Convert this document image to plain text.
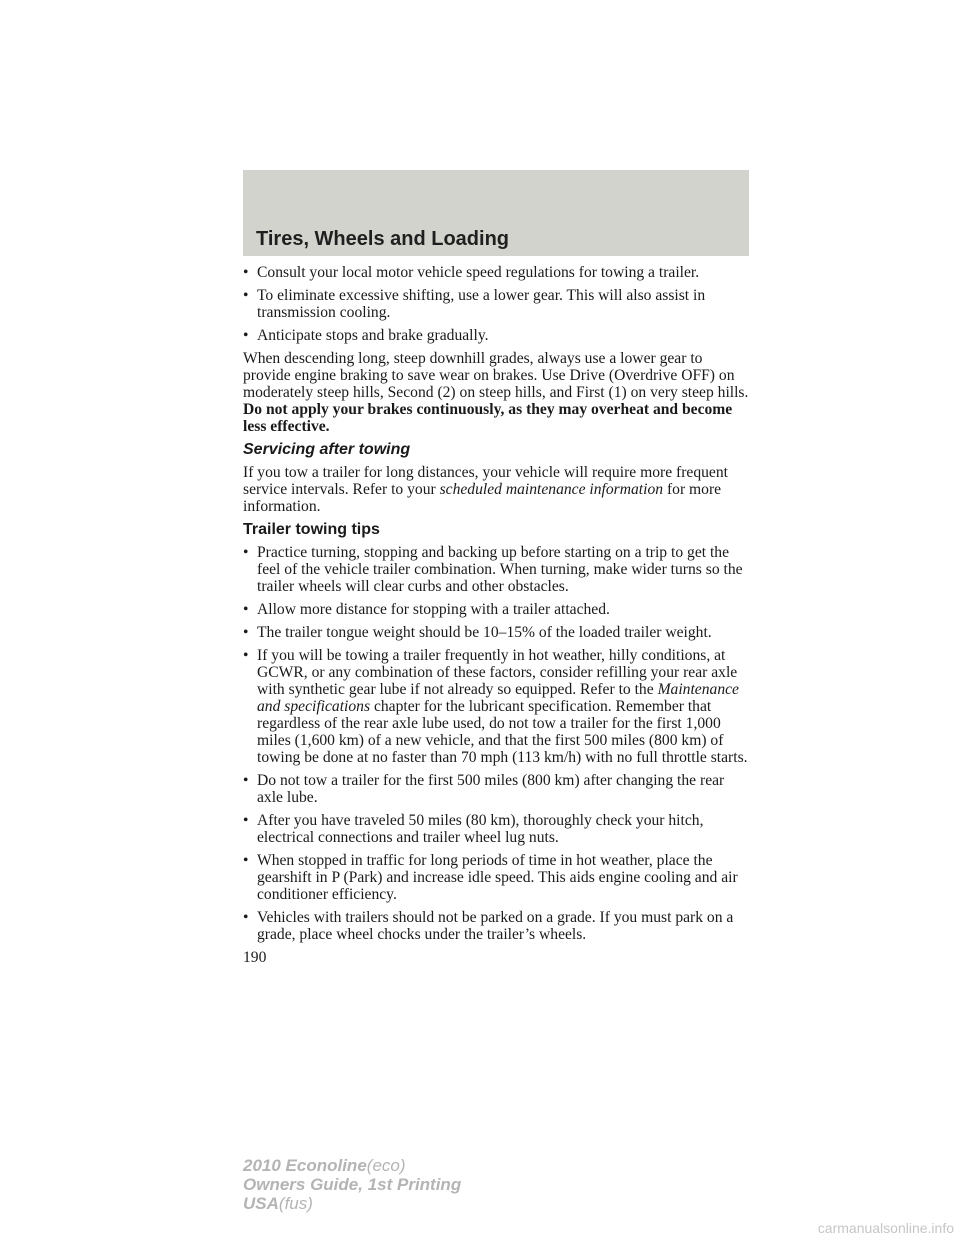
Tires, Wheels and Loading
• Consult your local motor vehicle speed regulations for towing a trailer.
• To eliminate excessive shifting, use a lower gear. This will also assist in transmission cooling.
• Anticipate stops and brake gradually.

When descending long, steep downhill grades, always use a lower gear to provide engine braking to save wear on brakes. Use Drive (Overdrive OFF) on moderately steep hills, Second (2) on steep hills, and First (1) on very steep hills. Do not apply your brakes continuously, as they may overheat and become less effective.

Servicing after towing

If you tow a trailer for long distances, your vehicle will require more frequent service intervals. Refer to your scheduled maintenance information for more information.

Trailer towing tips
• Practice turning, stopping and backing up before starting on a trip to get the feel of the vehicle trailer combination. When turning, make wider turns so the trailer wheels will clear curbs and other obstacles.
• Allow more distance for stopping with a trailer attached.
• The trailer tongue weight should be 10–15% of the loaded trailer weight.
• If you will be towing a trailer frequently in hot weather, hilly conditions, at GCWR, or any combination of these factors, consider refilling your rear axle with synthetic gear lube if not already so equipped. Refer to the Maintenance and specifications chapter for the lubricant specification. Remember that regardless of the rear axle lube used, do not tow a trailer for the first 1,000 miles (1,600 km) of a new vehicle, and that the first 500 miles (800 km) of towing be done at no faster than 70 mph (113 km/h) with no full throttle starts.
• Do not tow a trailer for the first 500 miles (800 km) after changing the rear axle lube.
• After you have traveled 50 miles (80 km), thoroughly check your hitch, electrical connections and trailer wheel lug nuts.
• When stopped in traffic for long periods of time in hot weather, place the gearshift in P (Park) and increase idle speed. This aids engine cooling and air conditioner efficiency.
• Vehicles with trailers should not be parked on a grade. If you must park on a grade, place wheel chocks under the trailer’s wheels.
190
2010 Econoline(eco)
Owners Guide, 1st Printing
USA(fus)
carmanualsonline.info
